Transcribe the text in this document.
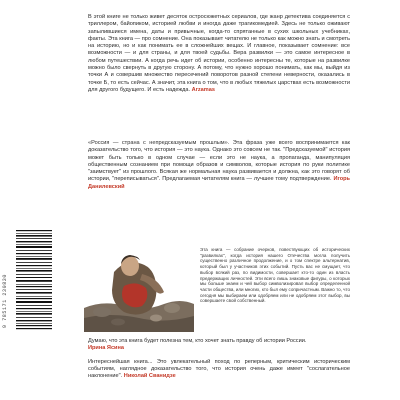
В этой книге не только живет десяток остросюжетных сериалов, где жанр детектива соединяется с триллером, байопиком, историей любви и иногда даже трагикомедией. Здесь не только оживают запылившиеся имена, даты и привычные, когда-то спрятанные в сухих школьных учебниках, факты. Эта книга — про сомнение. Она показывает читателю не только как можно знать и смотреть на историю, но и как понимать ее в сложнейших вещах. И главное, показывает сомнение: все возможности — и для страны, и для твоей судьбы. Вера развилки — это самое интересное в любом путешествии. А когда речь идет об истории, особенно интересны те, которые на развилке можно было свернуть в другую сторону. А потому, что нужно хорошо понимать, как мы, выйдя из точки А и совершив множество пересечений поворотов разной степени неверности, оказались в точке Б, то есть сейчас. А значит, эта книга о том, что в любых тяжелых царствах есть возможности для другого будущего. И есть надежда. Arzamas
«Россия — страна с непредсказуемым прошлым». Эта фраза уже всего воспринимается как доказательство того, что история — это наука. Однако это совсем не так. "Предсказуемой" история может быть только в одном случае — если это не наука, а пропаганда, манипуляция общественным сознанием при помощи образов и символов, которые история по руки политике "заимствует" из прошлого. Всякая же нормальная наука развивается и должна, как это говорят об истории, "переписываться". Предлагаемая читателям книга — лучшее тому подтверждение. Игорь Данилевский
Эта книга — собрание очерков, повествующих об исторических "развилках", когда история нашего Отечества могла получить существенно различное продолжение, и о том спектре альтернатив, который был у участников этих событий. Пусть вас не смущает, что выбор всякий раз, по видимости, совершает кто-то один из власть предержащих личностей. Эти всего лишь знаковые фигуры, о которых мы больше знаем и чей выбор символизировал выбор определенной части общества, или многих, кто был ему сопричастным. Важно то, что сегодня мы выбираем или одобряем или не одобряем этот выбор, вы совершаете свой собственный.
9 785171 230830
Думаю, что эта книга будет полезна тем, кто хочет знать правду об истории России.
Ирина Ясина
Интереснейшая книга... Это увлекательный поход по реперным, критическим историческим событиям, наглядное доказательство того, что история очень даже имеет "сослагательное наклонение". Николай Сванидзе
